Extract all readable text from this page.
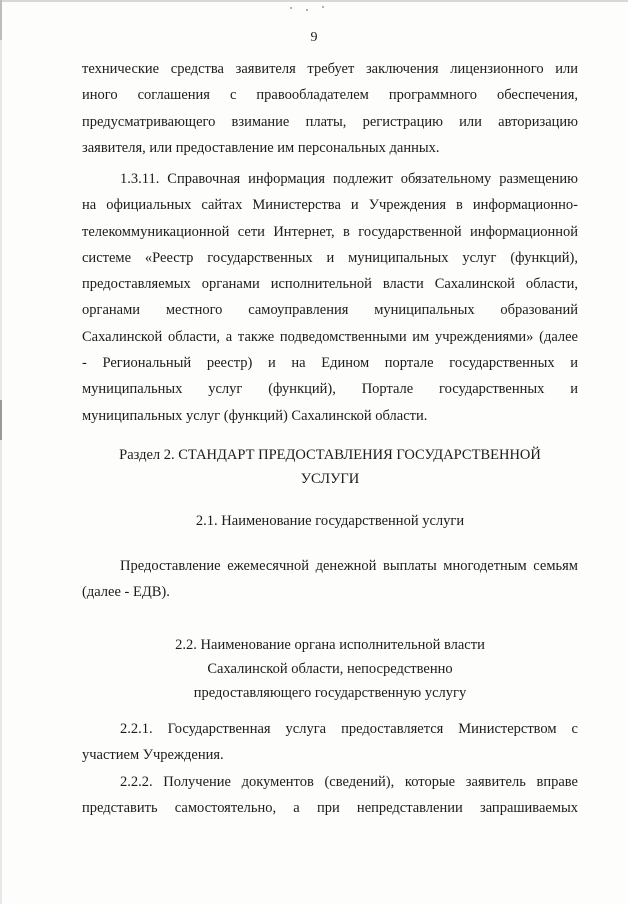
9
технические средства заявителя требует заключения лицензионного или
иного соглашения с правообладателем программного обеспечения,
предусматривающего взимание платы, регистрацию или авторизацию
заявителя, или предоставление им персональных данных.
1.3.11. Справочная информация подлежит обязательному размещению
на официальных сайтах Министерства и Учреждения в информационно-
телекоммуникационной сети Интернет, в государственной информационной
системе «Реестр государственных и муниципальных услуг (функций),
предоставляемых органами исполнительной власти Сахалинской области,
органами местного самоуправления муниципальных образований
Сахалинской области, а также подведомственными им учреждениями» (далее
- Региональный реестр) и на Едином портале государственных и
муниципальных услуг (функций), Портале государственных и
муниципальных услуг (функций) Сахалинской области.
Раздел 2. СТАНДАРТ ПРЕДОСТАВЛЕНИЯ ГОСУДАРСТВЕННОЙ
УСЛУГИ
2.1. Наименование государственной услуги
Предоставление ежемесячной денежной выплаты многодетным семьям
(далее - ЕДВ).
2.2. Наименование органа исполнительной власти
Сахалинской области, непосредственно
предоставляющего государственную услугу
2.2.1. Государственная услуга предоставляется Министерством с
участием Учреждения.
2.2.2. Получение документов (сведений), которые заявитель вправе
представить самостоятельно, а при непредставлении запрашиваемых
